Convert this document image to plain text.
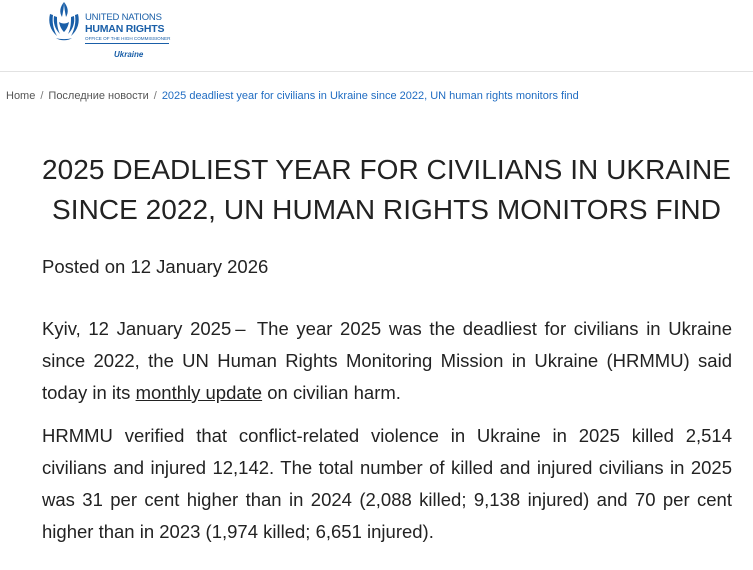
UNITED NATIONS
HUMAN RIGHTS
OFFICE OF THE HIGH COMMISSIONER
Ukraine
Home / Последние новости / 2025 deadliest year for civilians in Ukraine since 2022, UN human rights monitors find
2025 DEADLIEST YEAR FOR CIVILIANS IN UKRAINE SINCE 2022, UN HUMAN RIGHTS MONITORS FIND
Posted on 12 January 2026

Kyiv, 12 January 2025 – The year 2025 was the deadliest for civilians in Ukraine since 2022, the UN Human Rights Monitoring Mission in Ukraine (HRMMU) said today in its monthly update on civilian harm.

HRMMU verified that conflict-related violence in Ukraine in 2025 killed 2,514 civilians and injured 12,142. The total number of killed and injured civilians in 2025 was 31 per cent higher than in 2024 (2,088 killed; 9,138 injured) and 70 per cent higher than in 2023 (1,974 killed; 6,651 injured).
